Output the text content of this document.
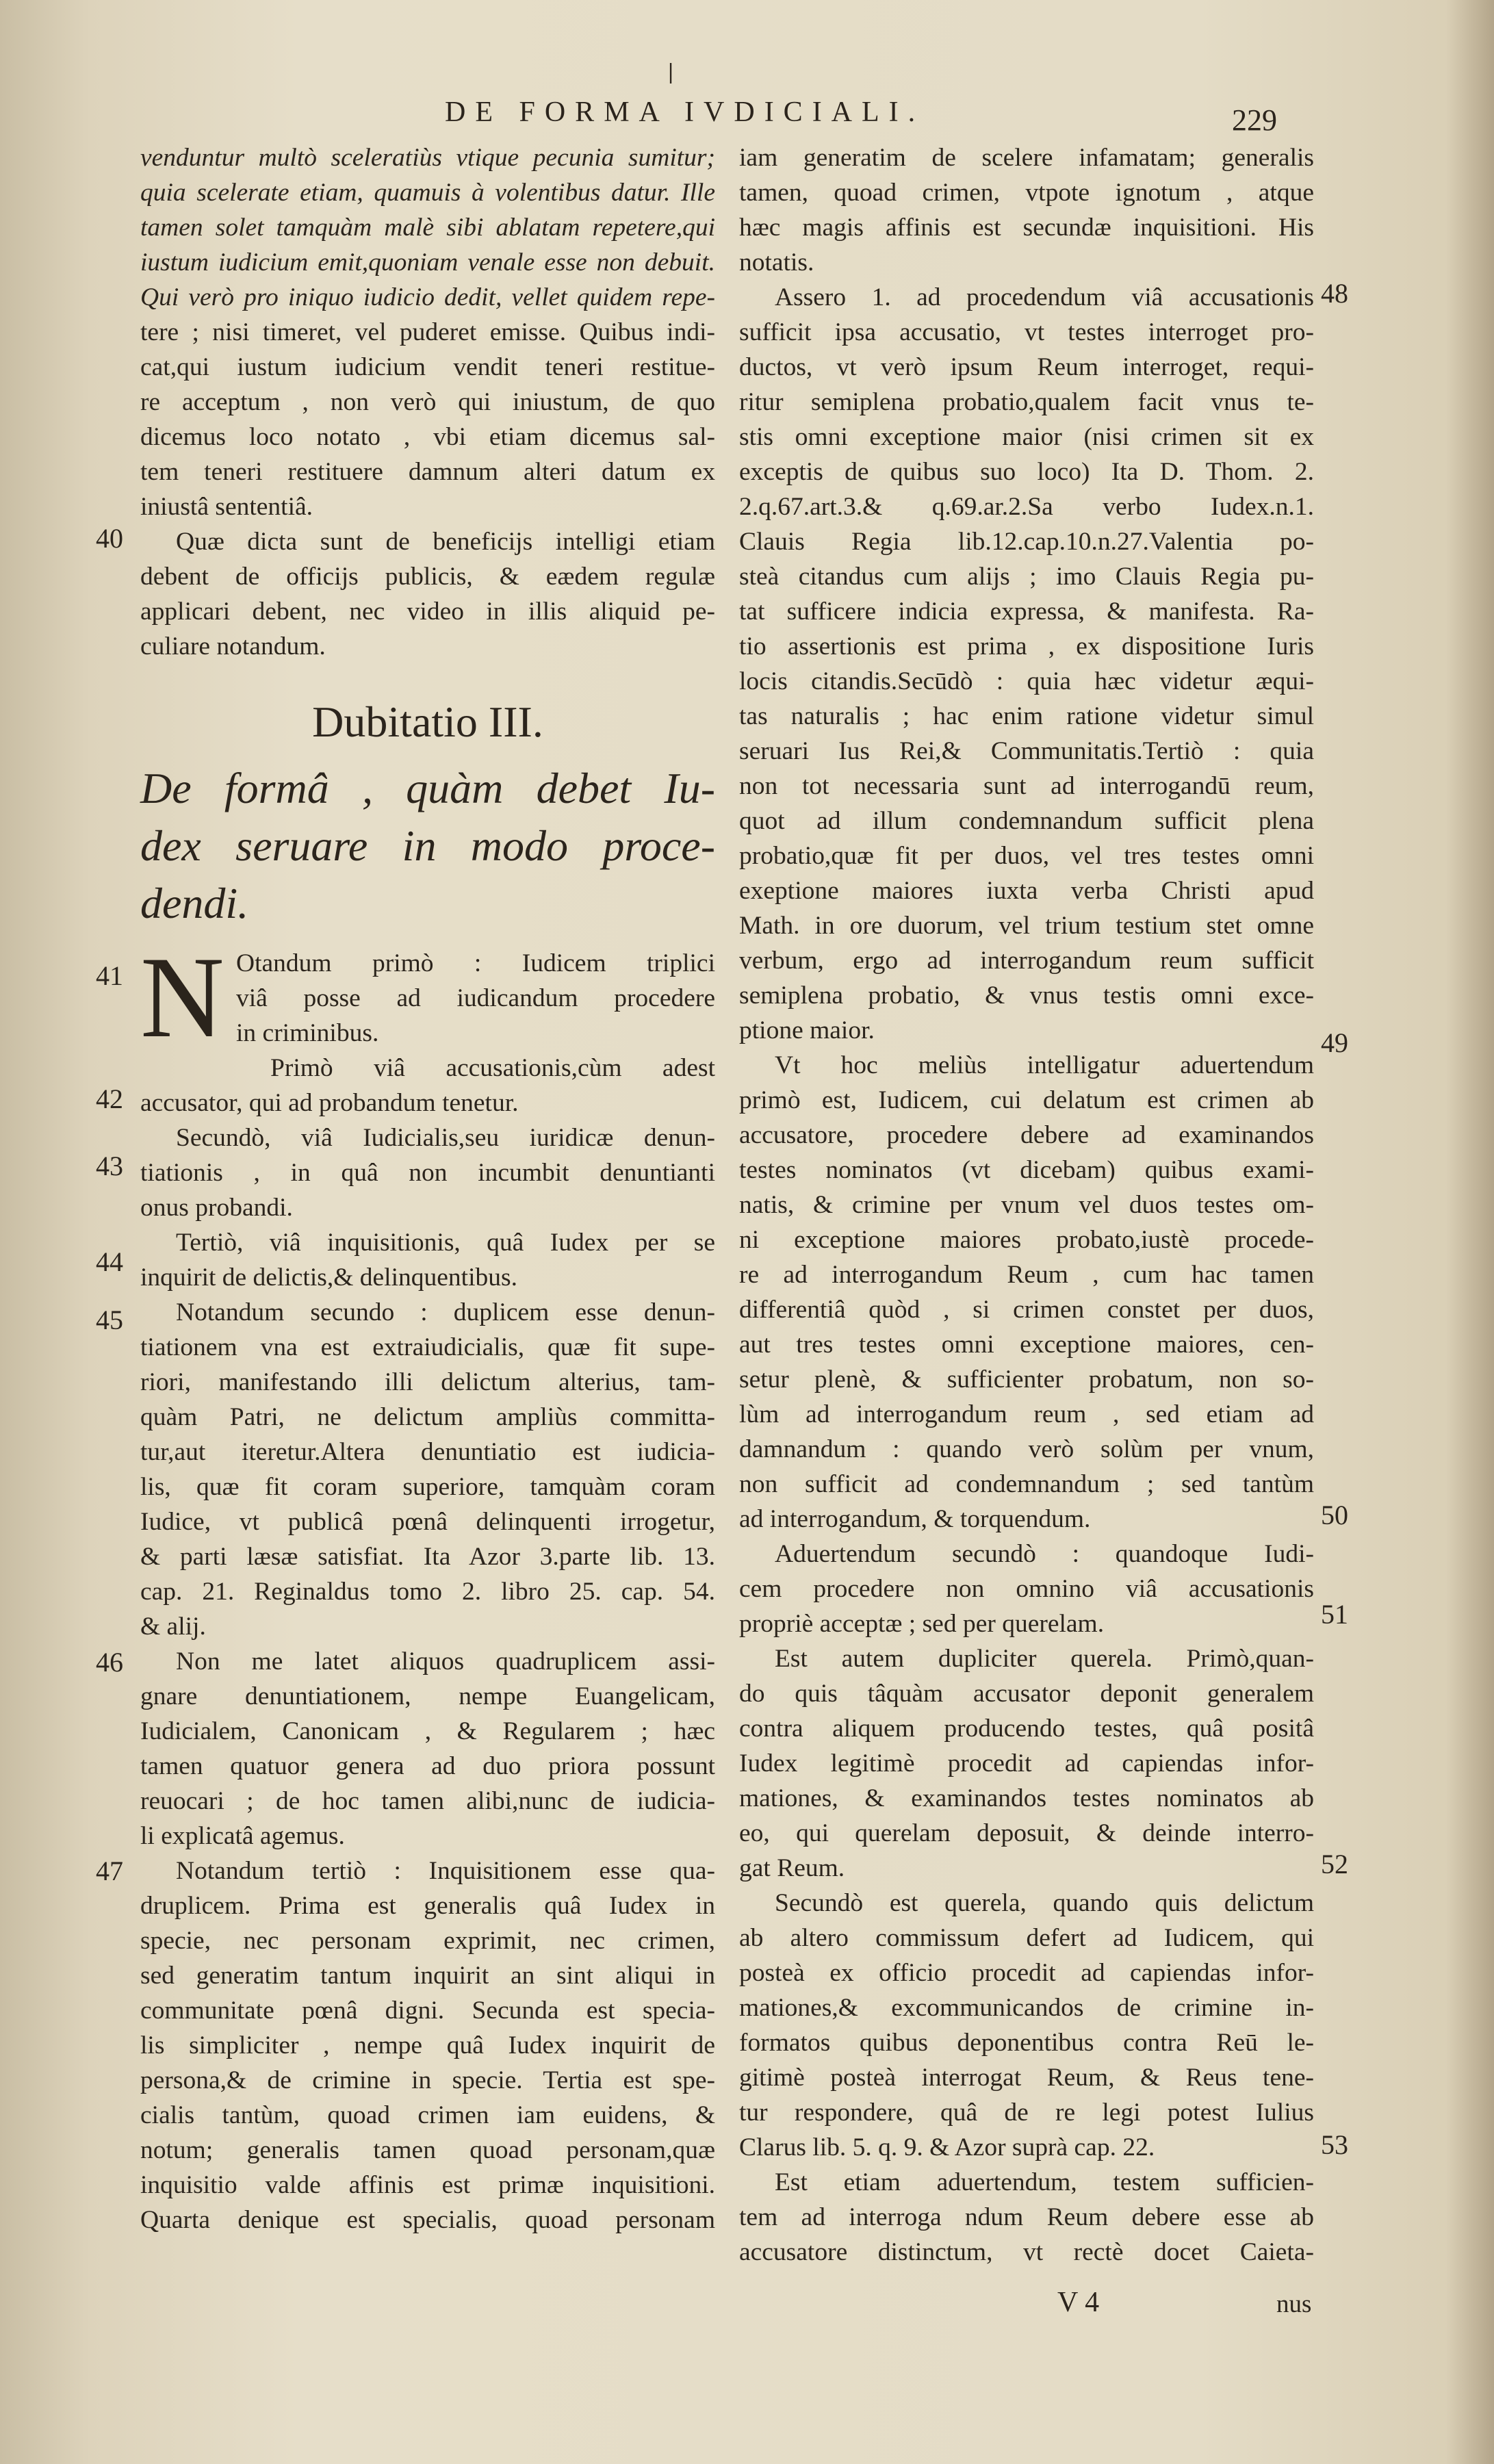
|
DE FORMA IVDICIALI.	229
venduntur multò sceleratiùs vtique pecunia sumitur;
quia scelerate etiam, quamuis à volentibus datur. Ille
tamen solet tamquàm malè sibi ablatam repetere,qui
iustum iudicium emit,quoniam venale esse non debuit.
Qui verò pro iniquo iudicio dedit, vellet quidem repe-
tere ; nisi timeret, vel puderet emisse. Quibus indi-
cat,qui iustum iudicium vendit teneri restitue-
re acceptum , non verò qui iniustum, de quo
dicemus loco notato , vbi etiam dicemus sal-
tem teneri restituere damnum alteri datum ex
iniustâ sententiâ.
Quæ dicta sunt de beneficijs intelligi etiam
debent de officijs publicis, & eædem regulæ
applicari debent, nec video in illis aliquid pe-
culiare notandum.
Dubitatio III.
De formâ , quàm debet Iu-
dex seruare in modo proce-
dendi.
N Otandum primò : Iudicem triplici
viâ posse ad iudicandum procedere
in criminibus.
Primò viâ accusationis,cùm adest
accusator, qui ad probandum tenetur.
Secundò, viâ Iudicialis,seu iuridicæ denun-
tiationis , in quâ non incumbit denuntianti
onus probandi.
Tertiò, viâ inquisitionis, quâ Iudex per se
inquirit de delictis,& delinquentibus.
Notandum secundo : duplicem esse denun-
tiationem vna est extraiudicialis, quæ fit supe-
riori, manifestando illi delictum alterius, tam-
quàm Patri, ne delictum ampliùs committa-
tur,aut iteretur.Altera denuntiatio est iudicia-
lis, quæ fit coram superiore, tamquàm coram
Iudice, vt publicâ pœnâ delinquenti irrogetur,
& parti læsæ satisfiat. Ita Azor 3.parte lib. 13.
cap. 21. Reginaldus tomo 2. libro 25. cap. 54.
& alij.
Non me latet aliquos quadruplicem assi-
gnare denuntiationem, nempe Euangelicam,
Iudicialem, Canonicam , & Regularem ; hæc
tamen quatuor genera ad duo priora possunt
reuocari ; de hoc tamen alibi,nunc de iudicia-
li explicatâ agemus.
Notandum tertiò : Inquisitionem esse qua-
druplicem. Prima est generalis quâ Iudex in
specie, nec personam exprimit, nec crimen,
sed generatim tantum inquirit an sint aliqui in
communitate pœnâ digni. Secunda est specia-
lis simpliciter , nempe quâ Iudex inquirit de
persona,& de crimine in specie. Tertia est spe-
cialis tantùm, quoad crimen iam euidens, &
notum; generalis tamen quoad personam,quæ
inquisitio valde affinis est primæ inquisitioni.
Quarta denique est specialis, quoad personam
iam generatim de scelere infamatam; generalis
tamen, quoad crimen, vtpote ignotum , atque
hæc magis affinis est secundæ inquisitioni. His
notatis.
Assero 1. ad procedendum viâ accusationis
sufficit ipsa accusatio, vt testes interroget pro-
ductos, vt verò ipsum Reum interroget, requi-
ritur semiplena probatio,qualem facit vnus te-
stis omni exceptione maior (nisi crimen sit ex
exceptis de quibus suo loco) Ita D. Thom. 2.
2.q.67.art.3.& q.69.ar.2.Sa verbo Iudex.n.1.
Clauis Regia lib.12.cap.10.n.27.Valentia po-
steà citandus cum alijs ; imo Clauis Regia pu-
tat sufficere indicia expressa, & manifesta. Ra-
tio assertionis est prima , ex dispositione Iuris
locis citandis.Secūdò : quia hæc videtur æqui-
tas naturalis ; hac enim ratione videtur simul
seruari Ius Rei,& Communitatis.Tertiò : quia
non tot necessaria sunt ad interrogandū reum,
quot ad illum condemnandum sufficit plena
probatio,quæ fit per duos, vel tres testes omni
exeptione maiores iuxta verba Christi apud
Math. in ore duorum, vel trium testium stet omne
verbum, ergo ad interrogandum reum sufficit
semiplena probatio, & vnus testis omni exce-
ptione maior.
Vt hoc meliùs intelligatur aduertendum
primò est, Iudicem, cui delatum est crimen ab
accusatore, procedere debere ad examinandos
testes nominatos (vt dicebam) quibus exami-
natis, & crimine per vnum vel duos testes om-
ni exceptione maiores probato,iustè procede-
re ad interrogandum Reum , cum hac tamen
differentiâ quòd , si crimen constet per duos,
aut tres testes omni exceptione maiores, cen-
setur plenè, & sufficienter probatum, non so-
lùm ad interrogandum reum , sed etiam ad
damnandum : quando verò solùm per vnum,
non sufficit ad condemnandum ; sed tantùm
ad interrogandum, & torquendum.
Aduertendum secundò : quandoque Iudi-
cem procedere non omnino viâ accusationis
propriè acceptæ ; sed per querelam.
Est autem dupliciter querela. Primò,quan-
do quis tâquàm accusator deponit generalem
contra aliquem producendo testes, quâ positâ
Iudex legitimè procedit ad capiendas infor-
mationes, & examinandos testes nominatos ab
eo, qui querelam deposuit, & deinde interro-
gat Reum.
Secundò est querela, quando quis delictum
ab altero commissum defert ad Iudicem, qui
posteà ex officio procedit ad capiendas infor-
mationes,& excommunicandos de crimine in-
formatos quibus deponentibus contra Reū le-
gitimè posteà interrogat Reum, & Reus tene-
tur respondere, quâ de re legi potest Iulius
Clarus lib. 5. q. 9. & Azor suprà cap. 22.
Est etiam aduertendum, testem sufficien-
tem ad interroga ndum Reum debere esse ab
accusatore distinctum, vt rectè docet Caieta-
40
41
42
43
44
45
46
47
48
49
50
51
52
53
V 4	nus
